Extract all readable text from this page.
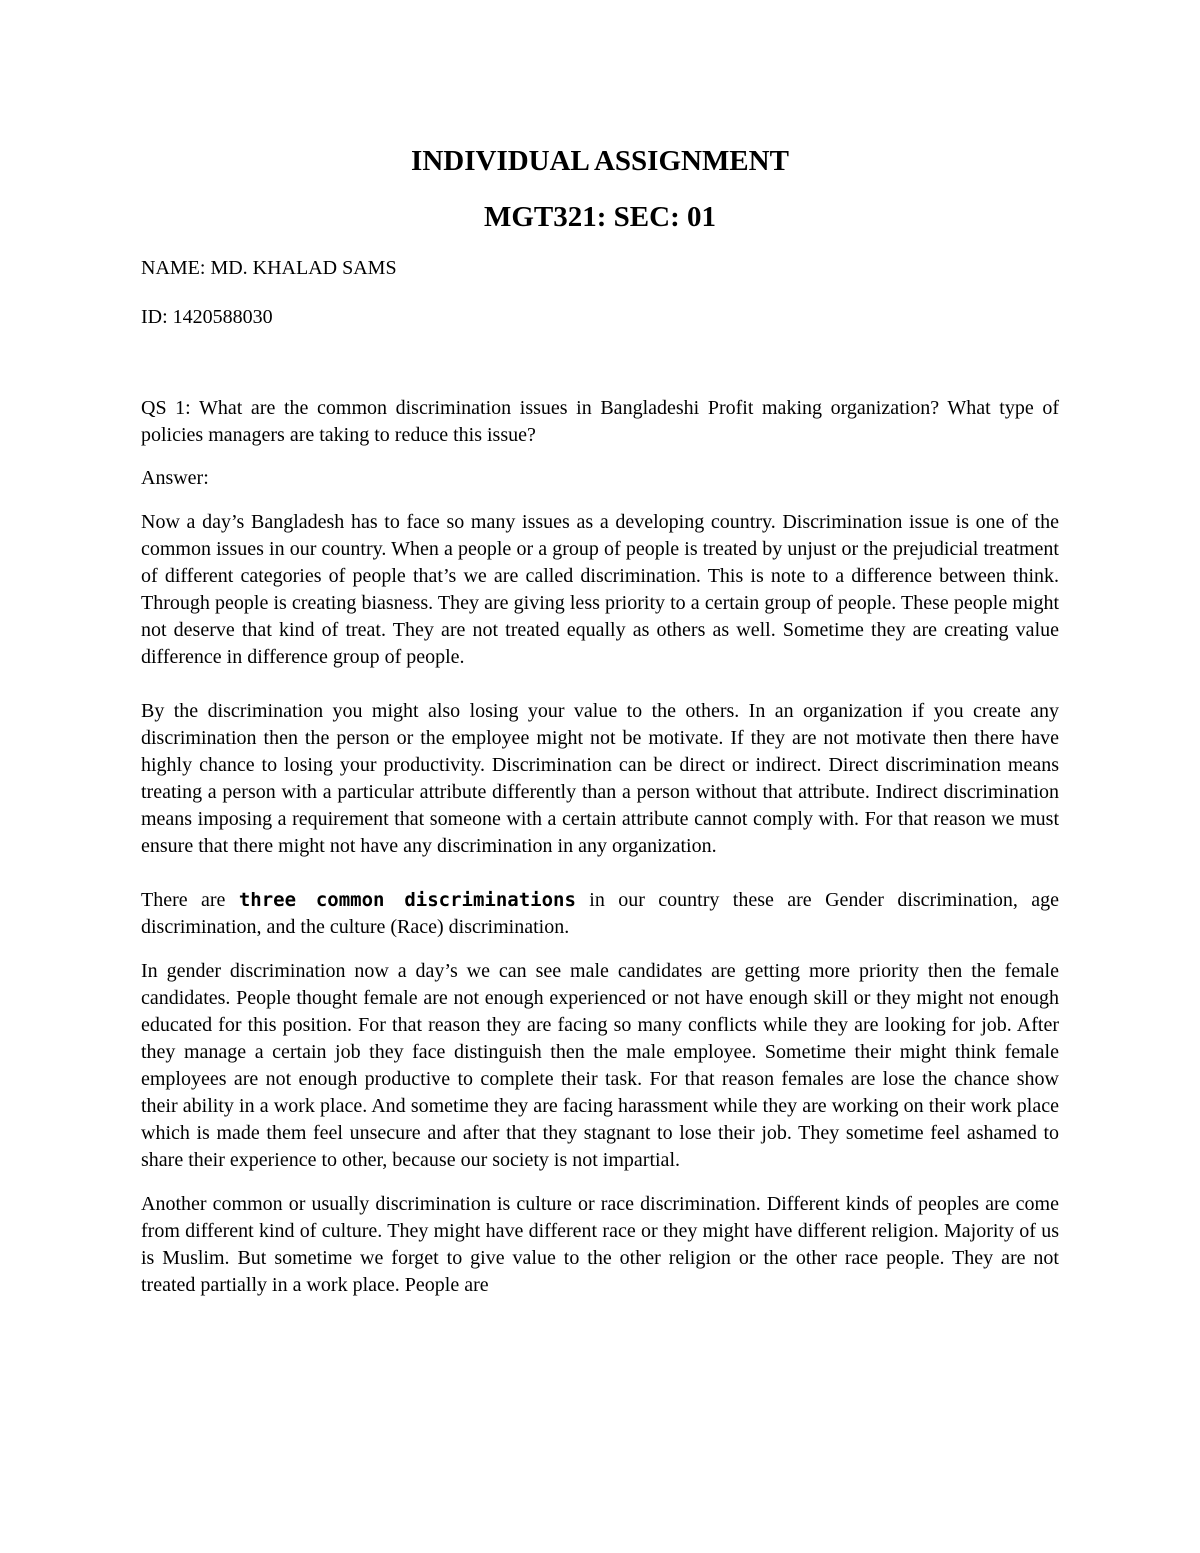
INDIVIDUAL ASSIGNMENT
MGT321: SEC: 01

NAME: MD. KHALAD SAMS

ID: 1420588030

QS 1: What are the common discrimination issues in Bangladeshi Profit making organization? What type of policies managers are taking to reduce this issue?

Answer:

Now a day’s Bangladesh has to face so many issues as a developing country. Discrimination issue is one of the common issues in our country. When a people or a group of people is treated by unjust or the prejudicial treatment of different categories of people that’s we are called discrimination. This is note to a difference between think. Through people is creating biasness. They are giving less priority to a certain group of people. These people might not deserve that kind of treat. They are not treated equally as others as well. Sometime they are creating value difference in difference group of people.

By the discrimination you might also losing your value to the others. In an organization if you create any discrimination then the person or the employee might not be motivate. If they are not motivate then there have highly chance to losing your productivity. Discrimination can be direct or indirect. Direct discrimination means treating a person with a particular attribute differently than a person without that attribute. Indirect discrimination means imposing a requirement that someone with a certain attribute cannot comply with. For that reason we must ensure that there might not have any discrimination in any organization.

There are three common discriminations in our country these are Gender discrimination, age discrimination, and the culture (Race) discrimination.

In gender discrimination now a day’s we can see male candidates are getting more priority then the female candidates. People thought female are not enough experienced or not have enough skill or they might not enough educated for this position. For that reason they are facing so many conflicts while they are looking for job. After they manage a certain job they face distinguish then the male employee. Sometime their might think female employees are not enough productive to complete their task. For that reason females are lose the chance show their ability in a work place. And sometime they are facing harassment while they are working on their work place which is made them feel unsecure and after that they stagnant to lose their job. They sometime feel ashamed to share their experience to other, because our society is not impartial.

Another common or usually discrimination is culture or race discrimination. Different kinds of peoples are come from different kind of culture. They might have different race or they might have different religion. Majority of us is Muslim. But sometime we forget to give value to the other religion or the other race people. They are not treated partially in a work place. People are
